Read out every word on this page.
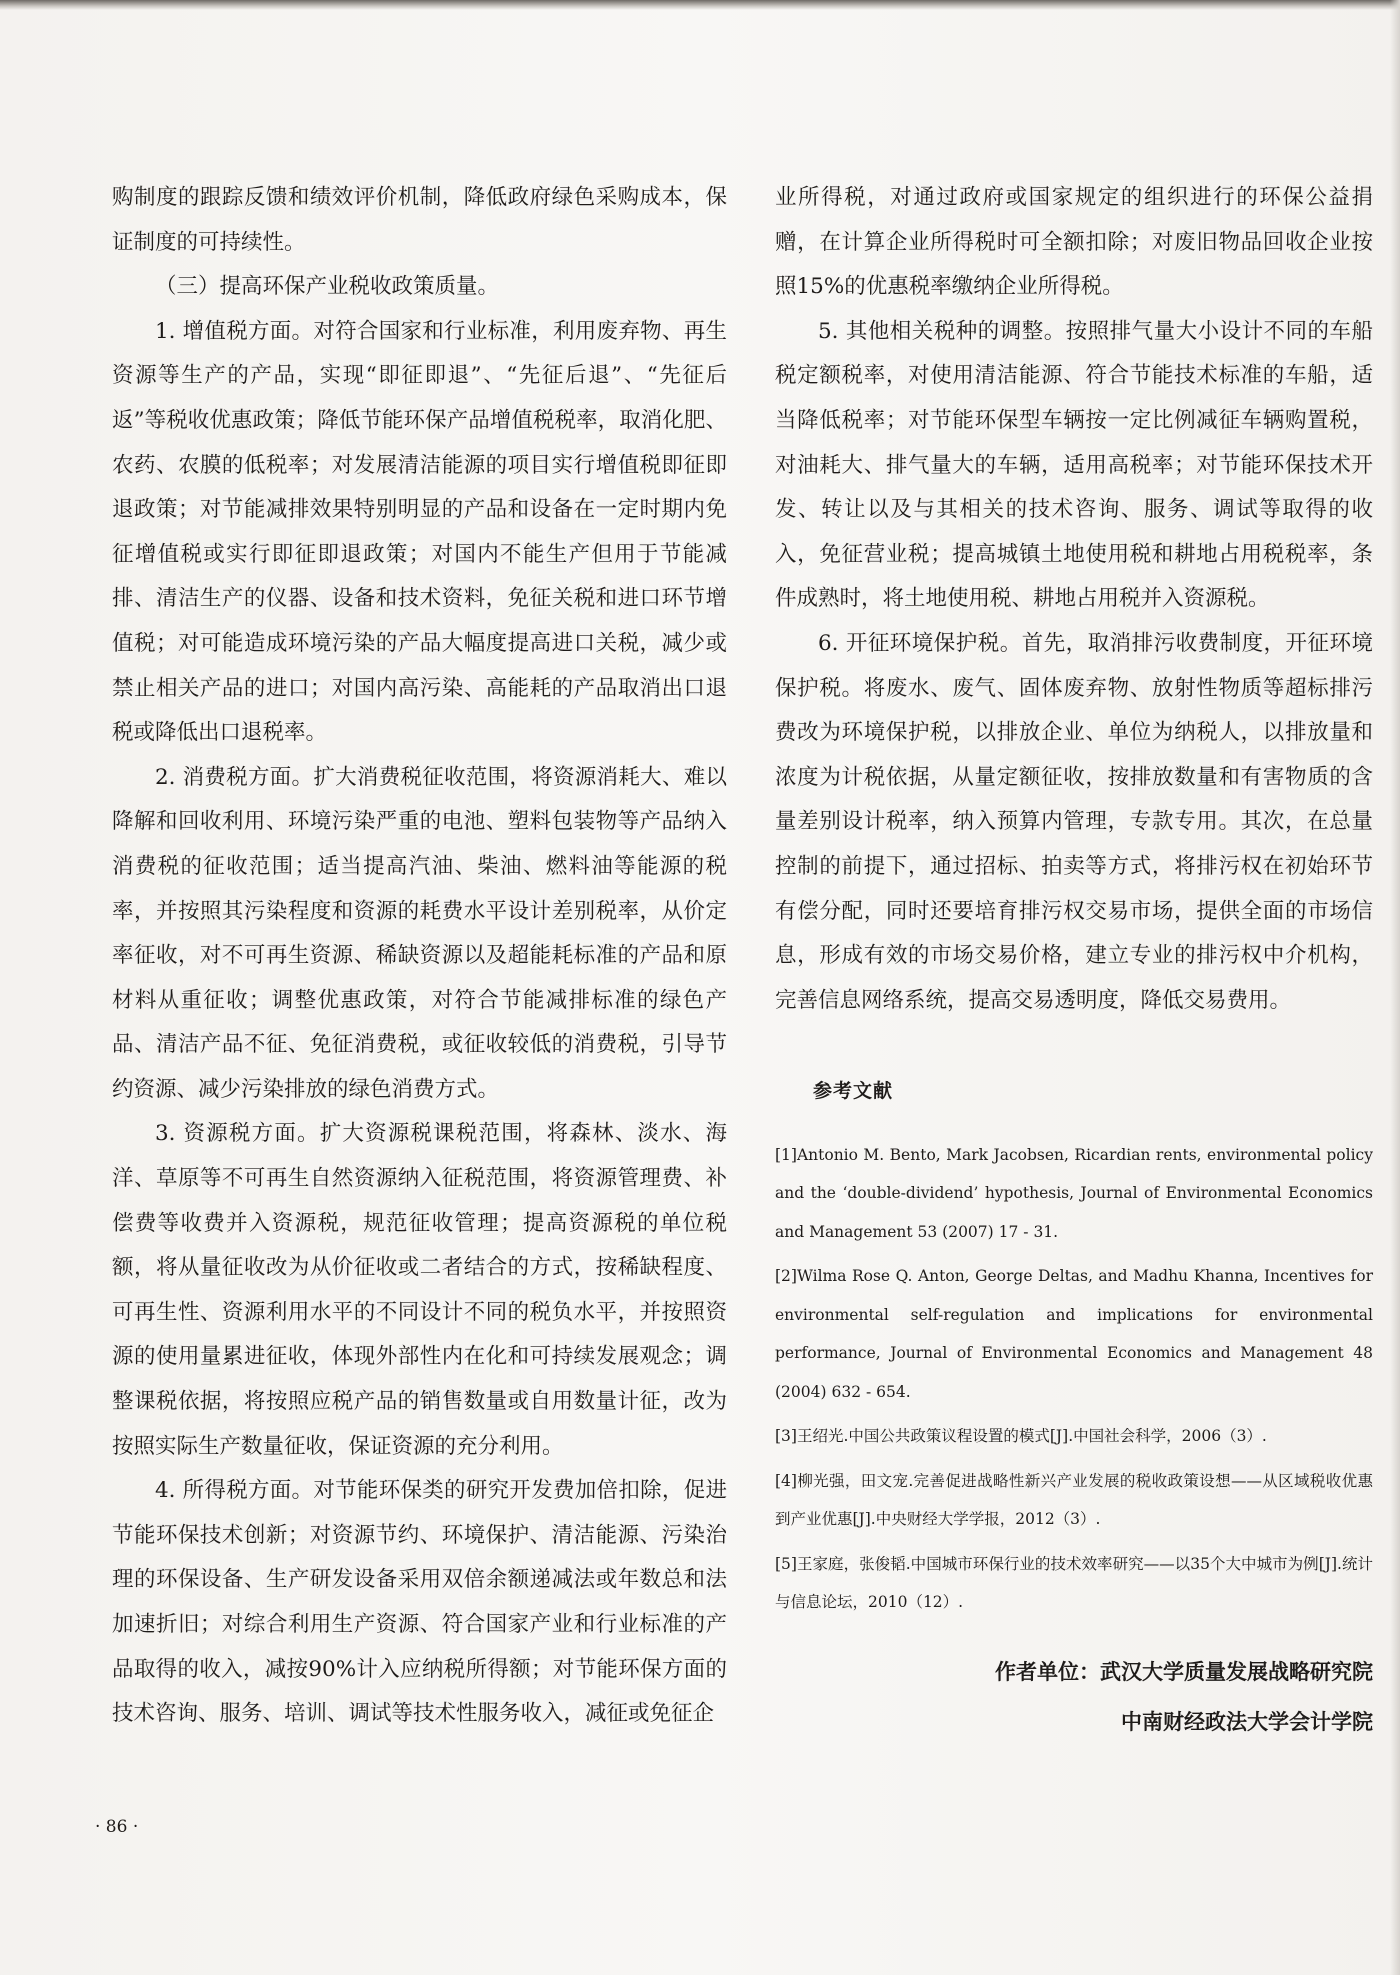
购制度的跟踪反馈和绩效评价机制，降低政府绿色采购成本，保证制度的可持续性。

（三）提高环保产业税收政策质量。

1. 增值税方面。对符合国家和行业标准，利用废弃物、再生资源等生产的产品，实现“即征即退”、“先征后退”、“先征后返”等税收优惠政策；降低节能环保产品增值税税率，取消化肥、农药、农膜的低税率；对发展清洁能源的项目实行增值税即征即退政策；对节能减排效果特别明显的产品和设备在一定时期内免征增值税或实行即征即退政策；对国内不能生产但用于节能减排、清洁生产的仪器、设备和技术资料，免征关税和进口环节增值税；对可能造成环境污染的产品大幅度提高进口关税，减少或禁止相关产品的进口；对国内高污染、高能耗的产品取消出口退税或降低出口退税率。

2. 消费税方面。扩大消费税征收范围，将资源消耗大、难以降解和回收利用、环境污染严重的电池、塑料包装物等产品纳入消费税的征收范围；适当提高汽油、柴油、燃料油等能源的税率，并按照其污染程度和资源的耗费水平设计差别税率，从价定率征收，对不可再生资源、稀缺资源以及超能耗标准的产品和原材料从重征收；调整优惠政策，对符合节能减排标准的绿色产品、清洁产品不征、免征消费税，或征收较低的消费税，引导节约资源、减少污染排放的绿色消费方式。

3. 资源税方面。扩大资源税课税范围，将森林、淡水、海洋、草原等不可再生自然资源纳入征税范围，将资源管理费、补偿费等收费并入资源税，规范征收管理；提高资源税的单位税额，将从量征收改为从价征收或二者结合的方式，按稀缺程度、可再生性、资源利用水平的不同设计不同的税负水平，并按照资源的使用量累进征收，体现外部性内在化和可持续发展观念；调整课税依据，将按照应税产品的销售数量或自用数量计征，改为按照实际生产数量征收，保证资源的充分利用。

4. 所得税方面。对节能环保类的研究开发费加倍扣除，促进节能环保技术创新；对资源节约、环境保护、清洁能源、污染治理的环保设备、生产研发设备采用双倍余额递减法或年数总和法加速折旧；对综合利用生产资源、符合国家产业和行业标准的产品取得的收入，减按90%计入应纳税所得额；对节能环保方面的技术咨询、服务、培训、调试等技术性服务收入，减征或免征企

业所得税，对通过政府或国家规定的组织进行的环保公益捐赠，在计算企业所得税时可全额扣除；对废旧物品回收企业按照15%的优惠税率缴纳企业所得税。

5. 其他相关税种的调整。按照排气量大小设计不同的车船税定额税率，对使用清洁能源、符合节能技术标准的车船，适当降低税率；对节能环保型车辆按一定比例减征车辆购置税，对油耗大、排气量大的车辆，适用高税率；对节能环保技术开发、转让以及与其相关的技术咨询、服务、调试等取得的收入，免征营业税；提高城镇土地使用税和耕地占用税税率，条件成熟时，将土地使用税、耕地占用税并入资源税。

6. 开征环境保护税。首先，取消排污收费制度，开征环境保护税。将废水、废气、固体废弃物、放射性物质等超标排污费改为环境保护税，以排放企业、单位为纳税人，以排放量和浓度为计税依据，从量定额征收，按排放数量和有害物质的含量差别设计税率，纳入预算内管理，专款专用。其次，在总量控制的前提下，通过招标、拍卖等方式，将排污权在初始环节有偿分配，同时还要培育排污权交易市场，提供全面的市场信息，形成有效的市场交易价格，建立专业的排污权中介机构，完善信息网络系统，提高交易透明度，降低交易费用。

参考文献

[1]Antonio M. Bento, Mark Jacobsen, Ricardian rents, environmental policy and the ‘double-dividend’ hypothesis, Journal of Environmental Economics and Management 53 (2007) 17 - 31.
[2]Wilma Rose Q. Anton, George Deltas, and Madhu Khanna, Incentives for environmental self-regulation and implications for environmental performance, Journal of Environmental Economics and Management 48 (2004) 632 - 654.
[3]王绍光.中国公共政策议程设置的模式[J].中国社会科学，2006（3）.
[4]柳光强，田文宠.完善促进战略性新兴产业发展的税收政策设想——从区域税收优惠到产业优惠[J].中央财经大学学报，2012（3）.
[5]王家庭，张俊韬.中国城市环保行业的技术效率研究——以35个大中城市为例[J].统计与信息论坛，2010（12）.

作者单位：武汉大学质量发展战略研究院

中南财经政法大学会计学院

· 86 ·
